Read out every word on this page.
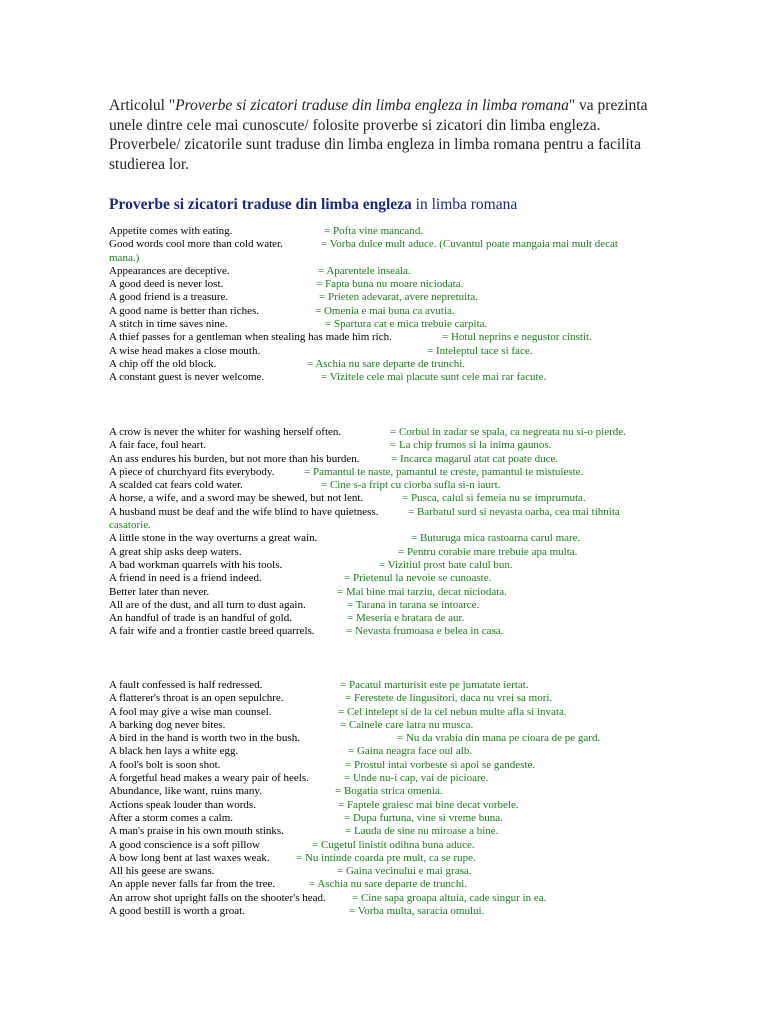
Articolul "Proverbe si zicatori traduse din limba engleza in limba romana" va prezinta unele dintre cele mai cunoscute/ folosite proverbe si zicatori din limba engleza. Proverbele/ zicatorile sunt traduse din limba engleza in limba romana pentru a facilita studierea lor.
Proverbe si zicatori traduse din limba engleza in limba romana
Appetite comes with eating.	= Pofta vine mancand.
Good words cool more than cold water.	= Vorba dulce mult aduce. (Cuvantul poate mangaia mai mult decat
mana.)
Appearances are deceptive.	= Aparentele inseala.
A good deed is never lost.	= Fapta buna nu moare niciodata.
A good friend is a treasure.	= Prieten adevarat, avere nepretuita.
A good name is better than riches.	= Omenia e mai buna ca avutia.
A stitch in time saves nine.	= Spartura cat e mica trebuie carpita.
A thief passes for a gentleman when stealing has made him rich.	= Hotul neprins e negustor cinstit.
A wise head makes a close mouth.	= Inteleptul tace si face.
A chip off the old block.	= Aschia nu sare departe de trunchi.
A constant guest is never welcome.	= Vizitele cele mai placute sunt cele mai rar facute.
A crow is never the whiter for washing herself often.	= Corbul in zadar se spala, ca negreata nu si-o pierde.
A fair face, foul heart.	= La chip frumos si la inima gaunos.
An ass endures his burden, but not more than his burden.	= Incarca magarul atat cat poate duce.
A piece of churchyard fits everybody.	= Pamantul te naste, pamantul te creste, pamantul te mistuieste.
A scalded cat fears cold water.	= Cine s-a fript cu ciorba sufla si-n iaurt.
A horse, a wife, and a sword may be shewed, but not lent.	= Pusca, calul si femeia nu se imprumuta.
A husband must be deaf and the wife blind to have quietness.	= Barbatul surd si nevasta oarba, cea mai tihnita
casatorie.
A little stone in the way overturns a great wain.	= Buturuga mica rastoarna carul mare.
A great ship asks deep waters.	= Pentru corabie mare trebuie apa multa.
A bad workman quarrels with his tools.	= Vizitiul prost bate calul bun.
A friend in need is a friend indeed.	= Prietenul la nevoie se cunoaste.
Better later than never.	= Mai bine mai tarziu, decat niciodata.
All are of the dust, and all turn to dust again.	= Tarana in tarana se intoarce.
An handful of trade is an handful of gold.	= Meseria e bratara de aur.
A fair wife and a frontier castle breed quarrels.	= Nevasta frumoasa e belea in casa.
A fault confessed is half redressed.	= Pacatul marturisit este pe jumatate iertat.
A flatterer's throat is an open sepulchre.	= Ferestete de lingusitori, daca nu vrei sa mori.
A fool may give a wise man counsel.	= Cel intelept si de la cel nebun multe afla si invata.
A barking dog never bites.	= Cainele care latra nu musca.
A bird in the hand is worth two in the bush.	= Nu da vrabia din mana pe cioara de pe gard.
A black hen lays a white egg.	= Gaina neagra face oul alb.
A fool's bolt is soon shot.	= Prostul intai vorbeste si apoi se gandeste.
A forgetful head makes a weary pair of heels.	= Unde nu-i cap, vai de picioare.
Abundance, like want, ruins many.	= Bogatia strica omenia.
Actions speak louder than words.	= Faptele graiesc mai bine decat vorbele.
After a storm comes a calm.	= Dupa furtuna, vine si vreme buna.
A man's praise in his own mouth stinks.	= Lauda de sine nu miroase a bine.
A good conscience is a soft pillow	= Cugetul linistit odihna buna aduce.
A bow long bent at last waxes weak. = Nu intinde coarda pre mult, ca se rupe.
All his geese are swans.	= Gaina vecinului e mai grasa.
An apple never falls far from the tree.	= Aschia nu sare departe de trunchi.
An arrow shot upright falls on the shooter's head. = Cine sapa groapa altuia, cade singur in ea.
A good bestill is worth a groat.	= Vorba multa, saracia omului.
